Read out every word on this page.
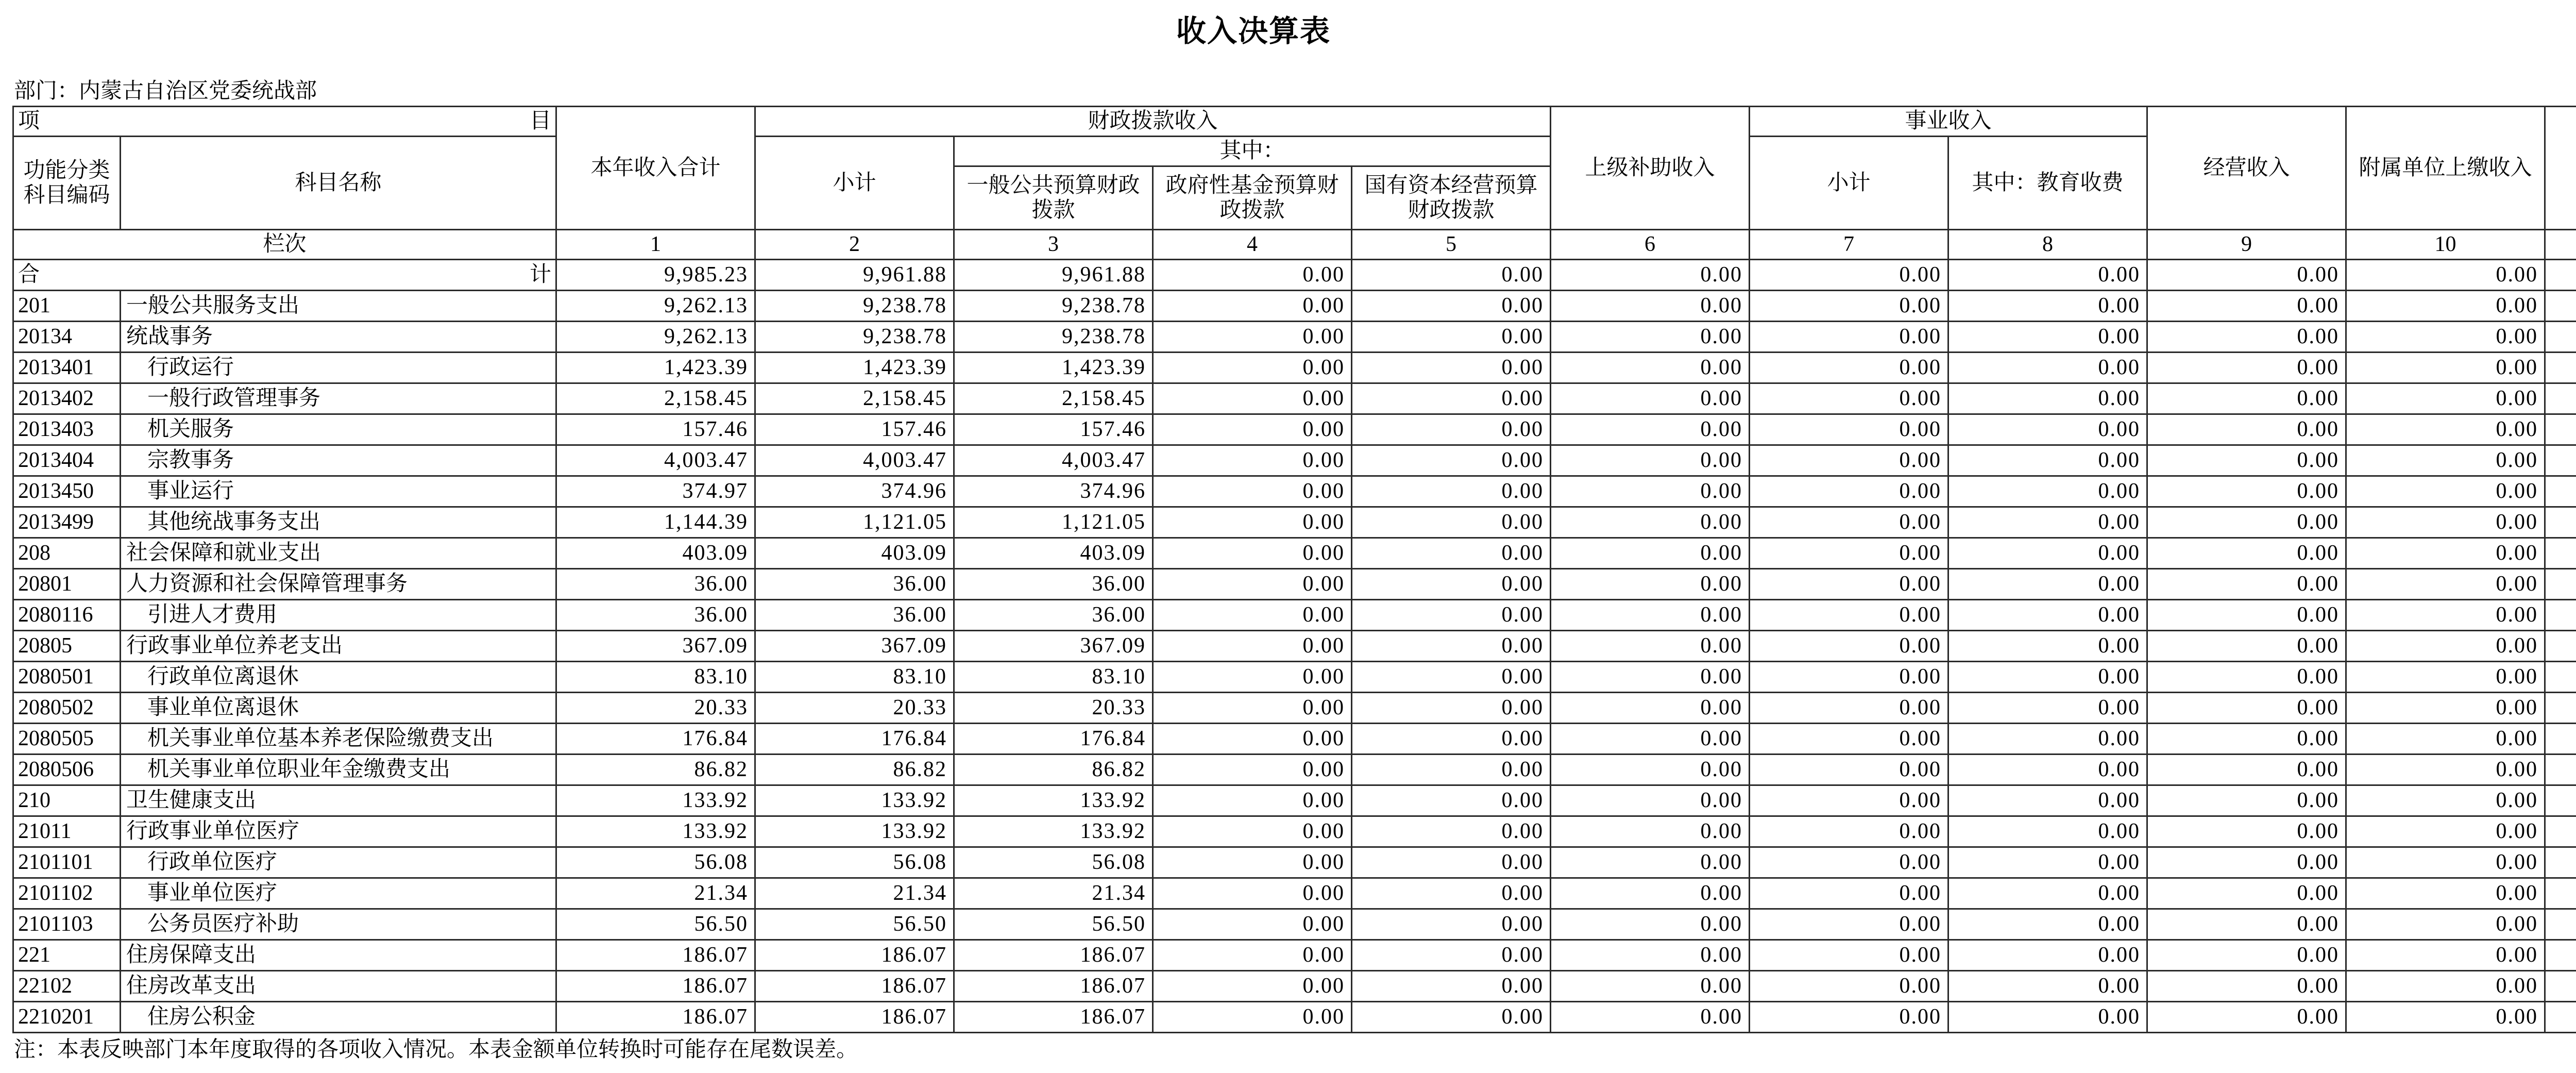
收入决算表
部门：内蒙古自治区党委统战部
项 目		本年收入合计	财政拨款收入				上级补助收入	事业收入		经营收入	附属单位上缴收入	
功能分类科目编码	科目名称		小计	其中：				小计	其中：教育收费			
				一般公共预算财政拨款	政府性基金预算财政拨款	国有资本经营预算财政拨款						
栏次		1	2	3	4	5	6	7	8	9	10	

合 计		9,985.23	9,961.88	9,961.88	0.00	0.00	0.00	0.00	0.00	0.00	0.00	
201	一般公共服务支出	9,262.13	9,238.78	9,238.78	0.00	0.00	0.00	0.00	0.00	0.00	0.00	
20134	统战事务	9,262.13	9,238.78	9,238.78	0.00	0.00	0.00	0.00	0.00	0.00	0.00	
2013401	行政运行	1,423.39	1,423.39	1,423.39	0.00	0.00	0.00	0.00	0.00	0.00	0.00	
2013402	一般行政管理事务	2,158.45	2,158.45	2,158.45	0.00	0.00	0.00	0.00	0.00	0.00	0.00	
2013403	机关服务	157.46	157.46	157.46	0.00	0.00	0.00	0.00	0.00	0.00	0.00	
2013404	宗教事务	4,003.47	4,003.47	4,003.47	0.00	0.00	0.00	0.00	0.00	0.00	0.00	
2013450	事业运行	374.97	374.96	374.96	0.00	0.00	0.00	0.00	0.00	0.00	0.00	
2013499	其他统战事务支出	1,144.39	1,121.05	1,121.05	0.00	0.00	0.00	0.00	0.00	0.00	0.00	
208	社会保障和就业支出	403.09	403.09	403.09	0.00	0.00	0.00	0.00	0.00	0.00	0.00	
20801	人力资源和社会保障管理事务	36.00	36.00	36.00	0.00	0.00	0.00	0.00	0.00	0.00	0.00	
2080116	引进人才费用	36.00	36.00	36.00	0.00	0.00	0.00	0.00	0.00	0.00	0.00	
20805	行政事业单位养老支出	367.09	367.09	367.09	0.00	0.00	0.00	0.00	0.00	0.00	0.00	
2080501	行政单位离退休	83.10	83.10	83.10	0.00	0.00	0.00	0.00	0.00	0.00	0.00	
2080502	事业单位离退休	20.33	20.33	20.33	0.00	0.00	0.00	0.00	0.00	0.00	0.00	
2080505	机关事业单位基本养老保险缴费支出	176.84	176.84	176.84	0.00	0.00	0.00	0.00	0.00	0.00	0.00	
2080506	机关事业单位职业年金缴费支出	86.82	86.82	86.82	0.00	0.00	0.00	0.00	0.00	0.00	0.00	
210	卫生健康支出	133.92	133.92	133.92	0.00	0.00	0.00	0.00	0.00	0.00	0.00	
21011	行政事业单位医疗	133.92	133.92	133.92	0.00	0.00	0.00	0.00	0.00	0.00	0.00	
2101101	行政单位医疗	56.08	56.08	56.08	0.00	0.00	0.00	0.00	0.00	0.00	0.00	
2101102	事业单位医疗	21.34	21.34	21.34	0.00	0.00	0.00	0.00	0.00	0.00	0.00	
2101103	公务员医疗补助	56.50	56.50	56.50	0.00	0.00	0.00	0.00	0.00	0.00	0.00	
221	住房保障支出	186.07	186.07	186.07	0.00	0.00	0.00	0.00	0.00	0.00	0.00	
22102	住房改革支出	186.07	186.07	186.07	0.00	0.00	0.00	0.00	0.00	0.00	0.00	
2210201	住房公积金	186.07	186.07	186.07	0.00	0.00	0.00	0.00	0.00	0.00	0.00	
注：本表反映部门本年度取得的各项收入情况。本表金额单位转换时可能存在尾数误差。
